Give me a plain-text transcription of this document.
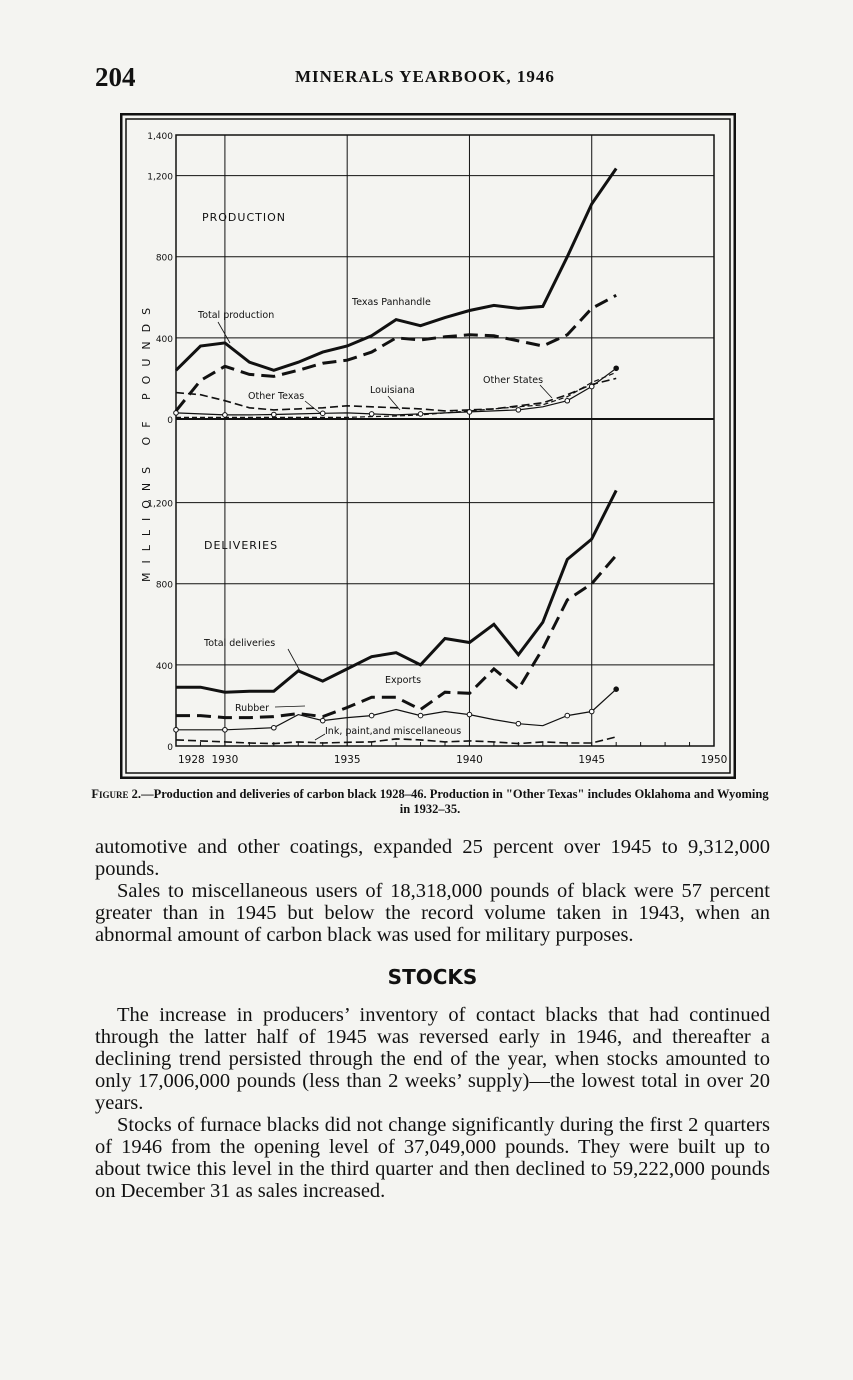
204	MINERALS YEARBOOK, 1946
1,400
1,200
800
400
0
1,200
800
400
0
1928 1930	1935	1940	1945	1950
MILLIONS OF POUNDS
PRODUCTION
DELIVERIES
Total production
Texas Panhandle
Other Texas
Louisiana
Other States
Total deliveries
Exports
Rubber
Ink, paint,and miscellaneous
Figure 2.—Production and deliveries of carbon black 1928–46. Production in "Other Texas" includes Oklahoma and Wyoming in 1932–35.

automotive and other coatings, expanded 25 percent over 1945 to 9,312,000 pounds.

Sales to miscellaneous users of 18,318,000 pounds of black were 57 percent greater than in 1945 but below the record volume taken in 1943, when an abnormal amount of carbon black was used for military purposes.

STOCKS

The increase in producers’ inventory of contact blacks that had continued through the latter half of 1945 was reversed early in 1946, and thereafter a declining trend persisted through the end of the year, when stocks amounted to only 17,006,000 pounds (less than 2 weeks’ supply)—the lowest total in over 20 years.

Stocks of furnace blacks did not change significantly during the first 2 quarters of 1946 from the opening level of 37,049,000 pounds. They were built up to about twice this level in the third quarter and then declined to 59,222,000 pounds on December 31 as sales increased.
